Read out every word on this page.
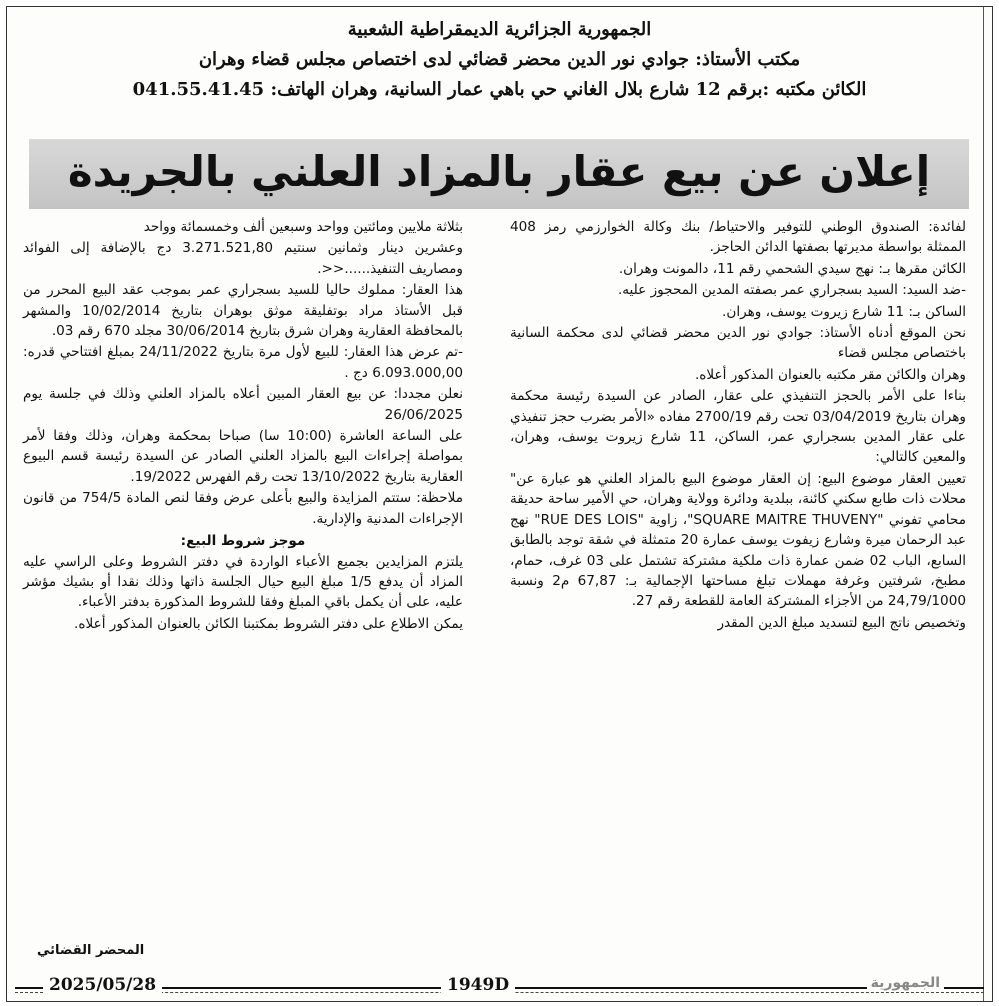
الجمهورية الجزائرية الديمقراطية الشعبية
مكتب الأستاذ: جوادي نور الدين محضر قضائي لدى اختصاص مجلس قضاء وهران
الكائن مكتبه :برقم 12 شارع بلال الغاني حي باهي عمار السانية، وهران الهاتف: 041.55.41.45
إعلان عن بيع عقار بالمزاد العلني بالجريدة

لفائدة: الصندوق الوطني للتوفير والاحتياط/ بنك وكالة الخوارزمي رمز 408 الممثلة بواسطة مديرتها بصفتها الدائن الحاجز.

الكائن مقرها بـ: نهج سيدي الشحمي رقم 11، دالمونت وهران.

-ضد السيد: السيد بسجراري عمر بصفته المدين المحجوز عليه.

الساكن بـ: 11 شارع زيروت يوسف، وهران.

نحن الموقع أدناه الأستاذ: جوادي نور الدين محضر قضائي لدى محكمة السانية باختصاص مجلس قضاء

وهران والكائن مقر مكتبه بالعنوان المذكور أعلاه.

بناءا على الأمر بالحجز التنفيذي على عقار، الصادر عن السيدة رئيسة محكمة وهران بتاريخ 03/04/2019 تحت رقم 2700/19 مفاده «الأمر بضرب حجز تنفيذي على عقار المدين بسجراري عمر، الساكن، 11 شارع زيروت يوسف، وهران، والمعين كالتالي:

تعيين العقار موضوع البيع: إن العقار موضوع البيع بالمزاد العلني هو عبارة عن" محلات ذات طابع سكني كائنة، ببلدية ودائرة وولاية وهران، حي الأمير ساحة حديقة محامي تفوني "SQUARE MAITRE THUVENY"، زاوية "RUE DES LOIS" نهج عبد الرحمان ميرة وشارع زيفوت يوسف عمارة 20 متمثلة في شقة توجد بالطابق السابع، الباب 02 ضمن عمارة ذات ملكية مشتركة تشتمل على 03 غرف، حمام، مطبخ، شرفتين وغرفة مهملات تبلغ مساحتها الإجمالية بـ: 67,87 م2 ونسبة 24,79/1000 من الأجزاء المشتركة العامة للقطعة رقم 27.

وتخصيص ناتج البيع لتسديد مبلغ الدين المقدر

بثلاثة ملايين ومائتين وواحد وسبعين ألف وخمسمائة وواحد

وعشرين دينار وثمانين سنتيم 3.271.521,80 دج بالإضافة إلى الفوائد ومصاريف التنفيذ......<<.

هذا العقار: مملوك حاليا للسيد بسجراري عمر بموجب عقد البيع المحرر من قبل الأستاذ مراد بوتفليقة موثق بوهران بتاريخ 10/02/2014 والمشهر بالمحافظة العقارية وهران شرق بتاريخ 30/06/2014 مجلد 670 رقم 03.

-تم عرض هذا العقار: للبيع لأول مرة بتاريخ 24/11/2022 بمبلغ افتتاحي قدره: 6.093.000,00 دج .

نعلن مجددا: عن بيع العقار المبين أعلاه بالمزاد العلني وذلك في جلسة يوم 26/06/2025

على الساعة العاشرة (10:00 سا) صباحا بمحكمة وهران، وذلك وفقا لأمر بمواصلة إجراءات البيع بالمزاد العلني الصادر عن السيدة رئيسة قسم البيوع العقارية بتاريخ 13/10/2022 تحت رقم الفهرس 19/2022.

ملاحظة: ستتم المزايدة والبيع بأعلى عرض وفقا لنص المادة 754/5 من قانون الإجراءات المدنية والإدارية.

موجز شروط البيع:

يلتزم المزايدين بجميع الأعباء الواردة في دفتر الشروط وعلى الراسي عليه المزاد أن يدفع 1/5 مبلغ البيع حيال الجلسة ذاتها وذلك نقدا أو بشيك مؤشر عليه، على أن يكمل باقي المبلغ وفقا للشروط المذكورة بدفتر الأعباء.

يمكن الاطلاع على دفتر الشروط بمكتبنا الكائن بالعنوان المذكور أعلاه.

المحضر القضائي
2025/05/28	1949D	الجمهورية
